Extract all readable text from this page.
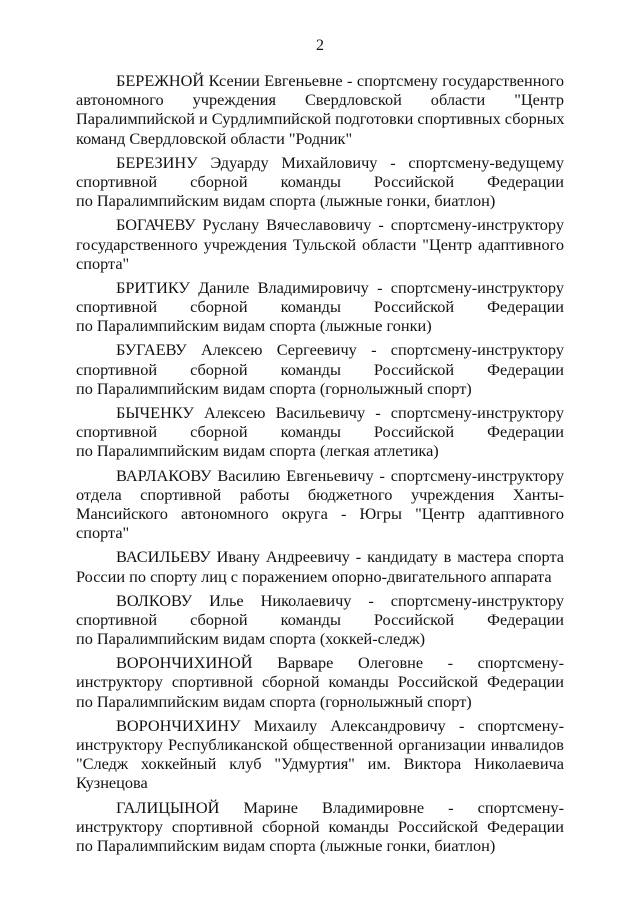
2
БЕРЕЖНОЙ Ксении Евгеньевне - спортсмену государственного
автономного учреждения Свердловской области "Центр
Паралимпийской и Сурдлимпийской подготовки спортивных сборных
команд Свердловской области "Родник"
БЕРЕЗИНУ Эдуарду Михайловичу - спортсмену-ведущему
спортивной сборной команды Российской Федерации
по Паралимпийским видам спорта (лыжные гонки, биатлон)
БОГАЧЕВУ Руслану Вячеславовичу - спортсмену-инструктору
государственного учреждения Тульской области "Центр адаптивного
спорта"
БРИТИКУ Даниле Владимировичу - спортсмену-инструктору
спортивной сборной команды Российской Федерации
по Паралимпийским видам спорта (лыжные гонки)
БУГАЕВУ Алексею Сергеевичу - спортсмену-инструктору
спортивной сборной команды Российской Федерации
по Паралимпийским видам спорта (горнолыжный спорт)
БЫЧЕНКУ Алексею Васильевичу - спортсмену-инструктору
спортивной сборной команды Российской Федерации
по Паралимпийским видам спорта (легкая атлетика)
ВАРЛАКОВУ Василию Евгеньевичу - спортсмену-инструктору
отдела спортивной работы бюджетного учреждения Ханты-
Мансийского автономного округа - Югры "Центр адаптивного
спорта"
ВАСИЛЬЕВУ Ивану Андреевичу - кандидату в мастера спорта
России по спорту лиц с поражением опорно-двигательного аппарата
ВОЛКОВУ Илье Николаевичу - спортсмену-инструктору
спортивной сборной команды Российской Федерации
по Паралимпийским видам спорта (хоккей-следж)
ВОРОНЧИХИНОЙ Варваре Олеговне - спортсмену-
инструктору спортивной сборной команды Российской Федерации
по Паралимпийским видам спорта (горнолыжный спорт)
ВОРОНЧИХИНУ Михаилу Александровичу - спортсмену-
инструктору Республиканской общественной организации инвалидов
"Следж хоккейный клуб "Удмуртия" им. Виктора Николаевича
Кузнецова
ГАЛИЦЫНОЙ Марине Владимировне - спортсмену-
инструктору спортивной сборной команды Российской Федерации
по Паралимпийским видам спорта (лыжные гонки, биатлон)
